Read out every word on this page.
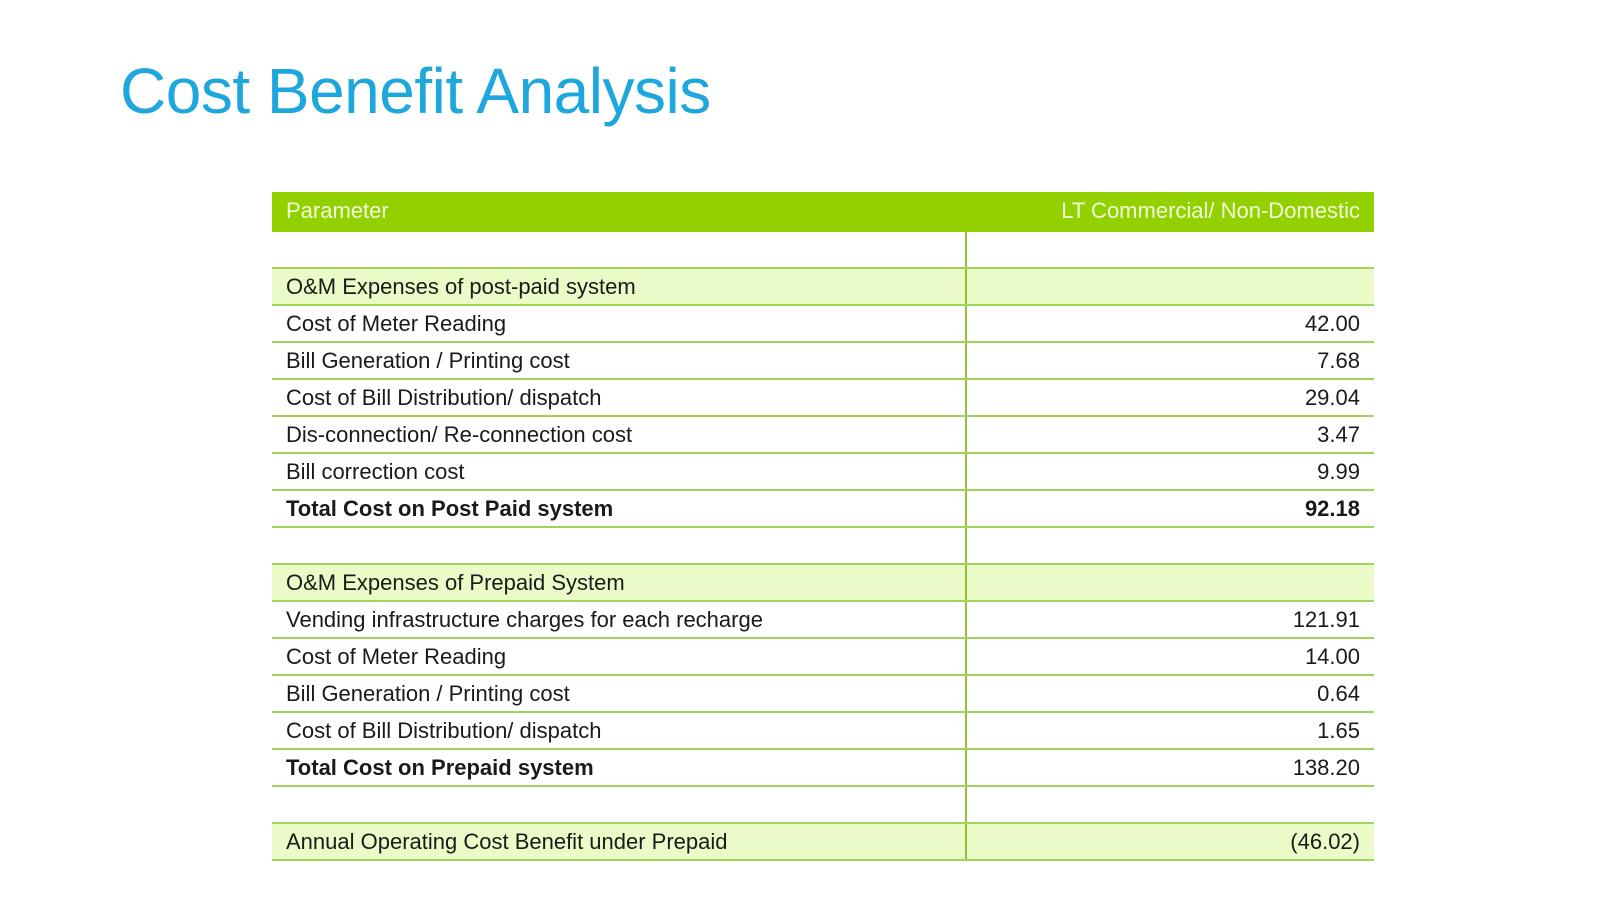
Cost Benefit Analysis
Parameter	LT Commercial/ Non-Domestic

O&M Expenses of post-paid system	
Cost of Meter Reading	42.00
Bill Generation / Printing cost	7.68
Cost of Bill Distribution/ dispatch	29.04
Dis-connection/ Re-connection cost	3.47
Bill correction cost	9.99
Total Cost on Post Paid system	92.18

O&M Expenses of Prepaid System	
Vending infrastructure charges for each recharge	121.91
Cost of Meter Reading	14.00
Bill Generation / Printing cost	0.64
Cost of Bill Distribution/ dispatch	1.65
Total Cost on Prepaid system	138.20

Annual Operating Cost Benefit under Prepaid	(46.02)
